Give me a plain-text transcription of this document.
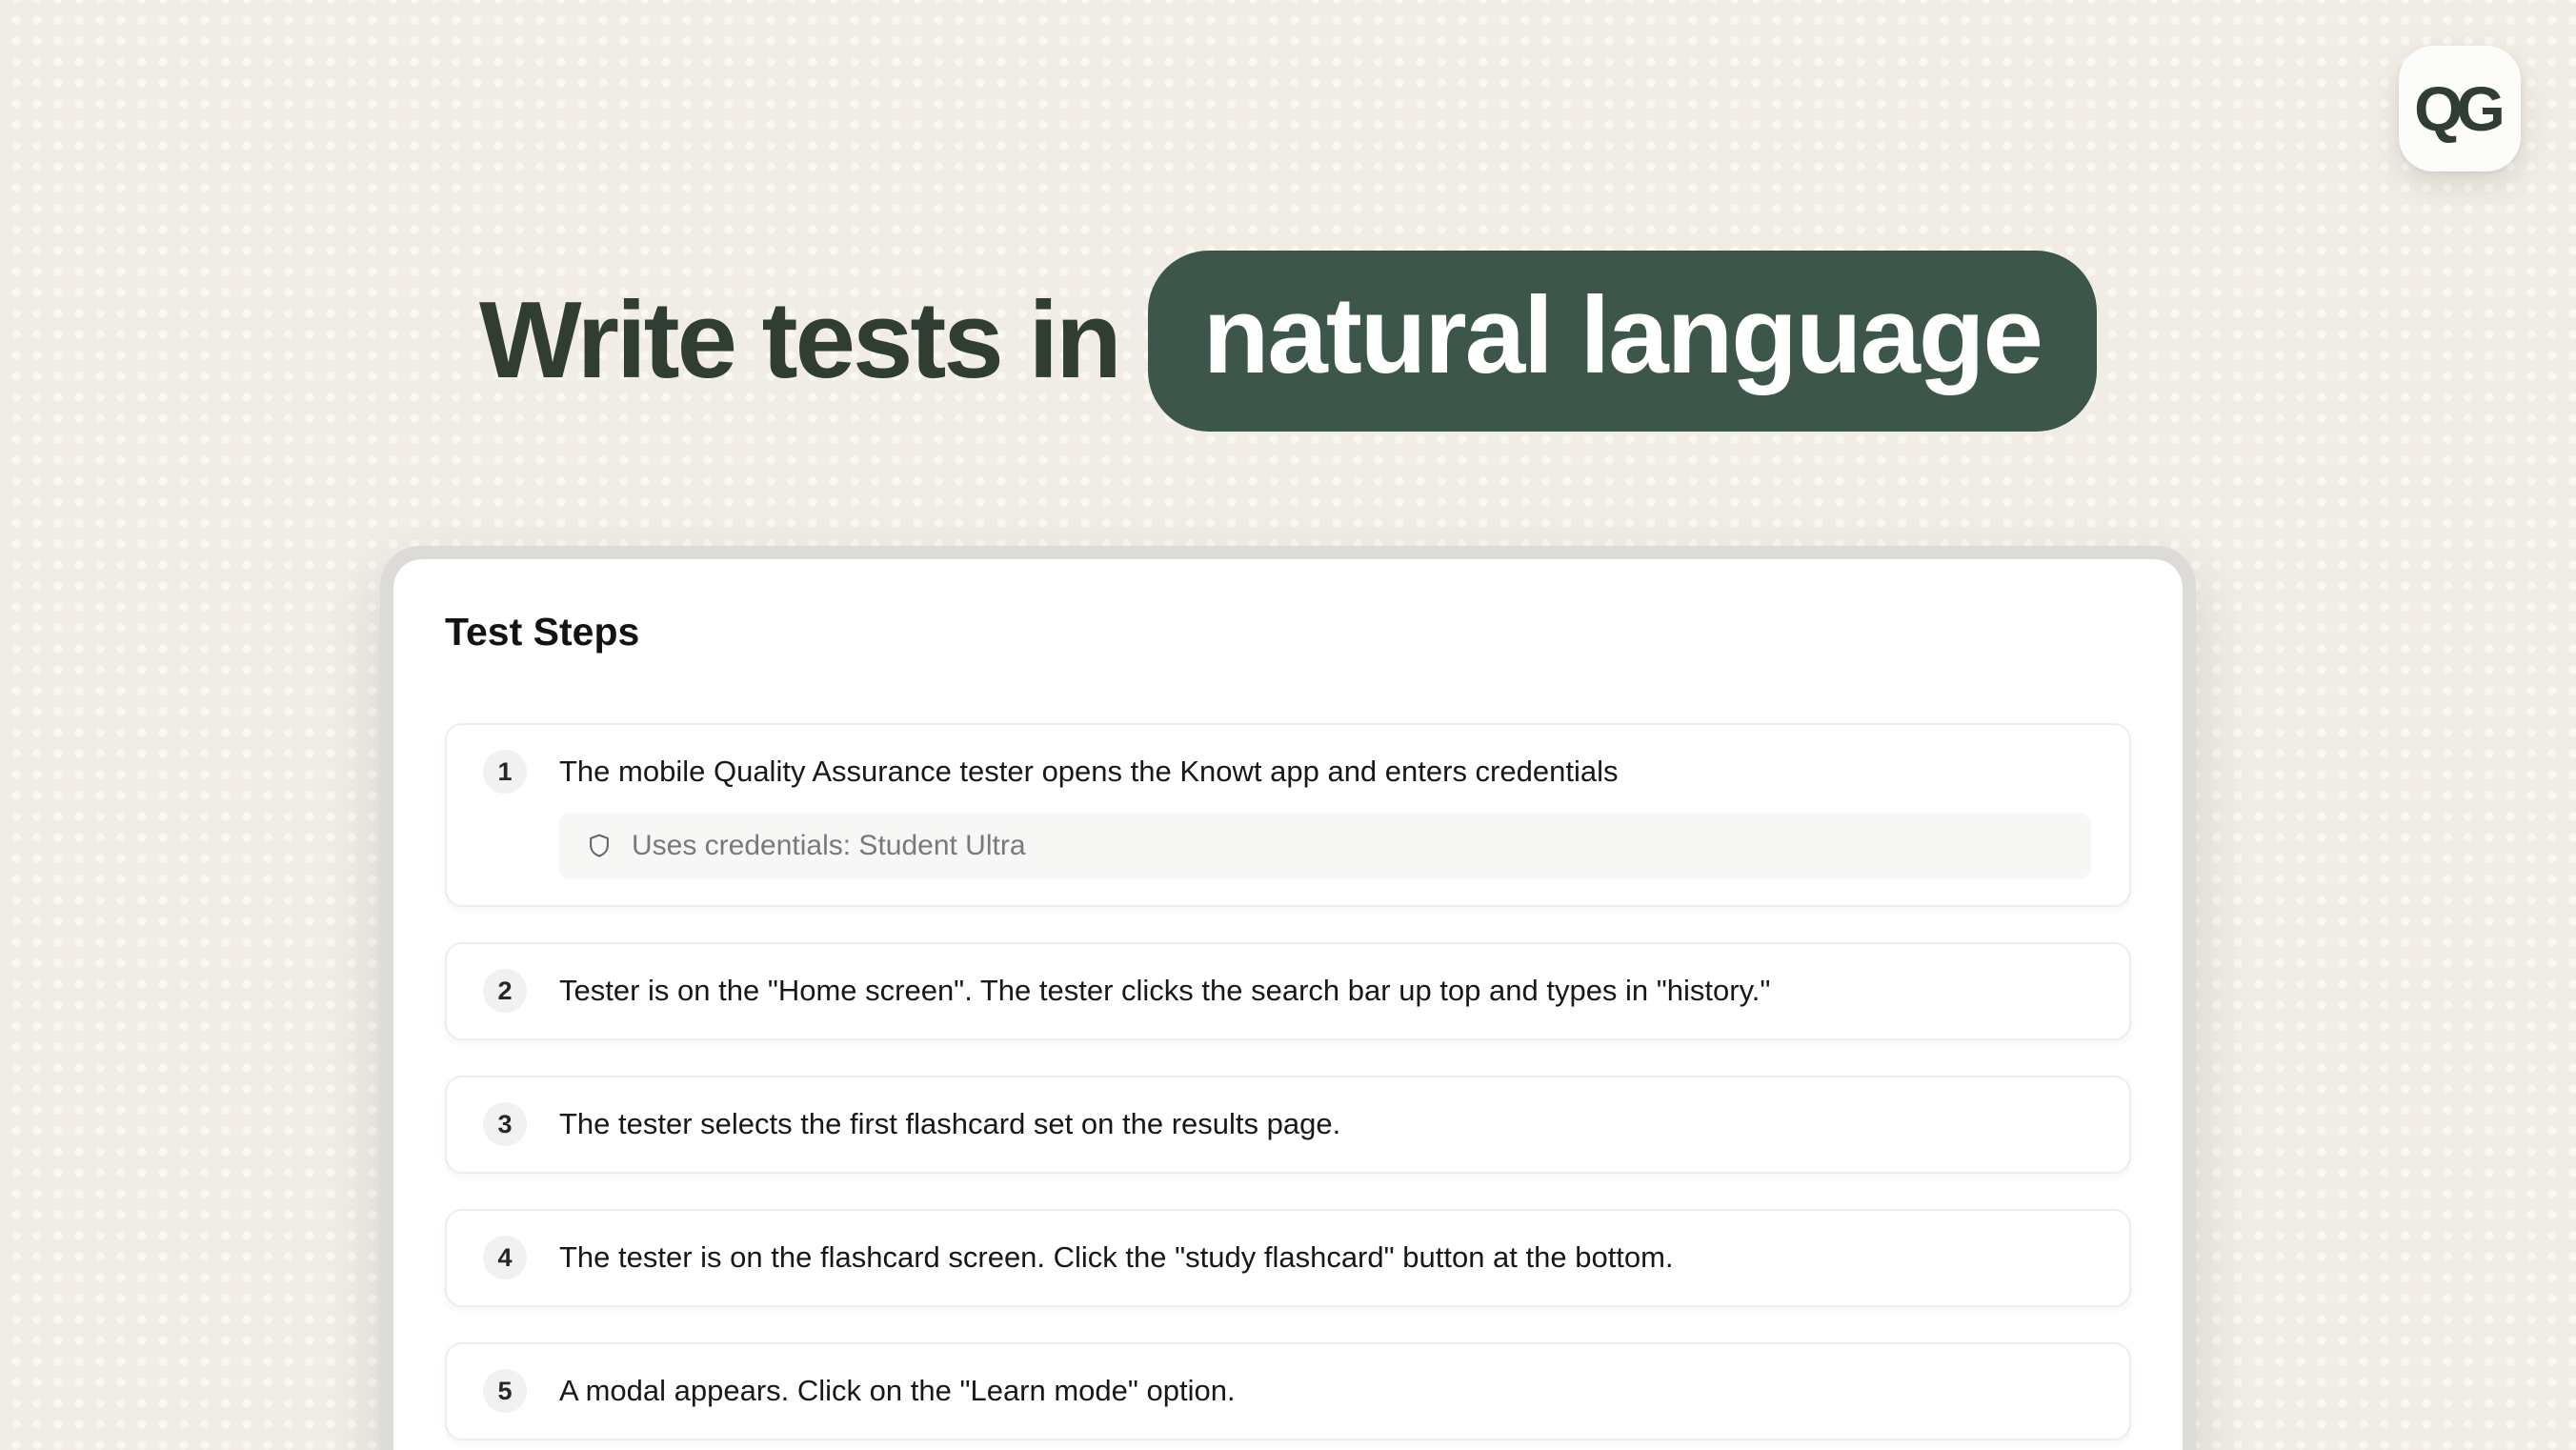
QG
Write tests in natural language
Test Steps
1	The mobile Quality Assurance tester opens the Knowt app and enters credentials
Uses credentials: Student Ultra
2	Tester is on the "Home screen". The tester clicks the search bar up top and types in "history."
3	The tester selects the first flashcard set on the results page.
4	The tester is on the flashcard screen. Click the "study flashcard" button at the bottom.
5	A modal appears. Click on the "Learn mode" option.
